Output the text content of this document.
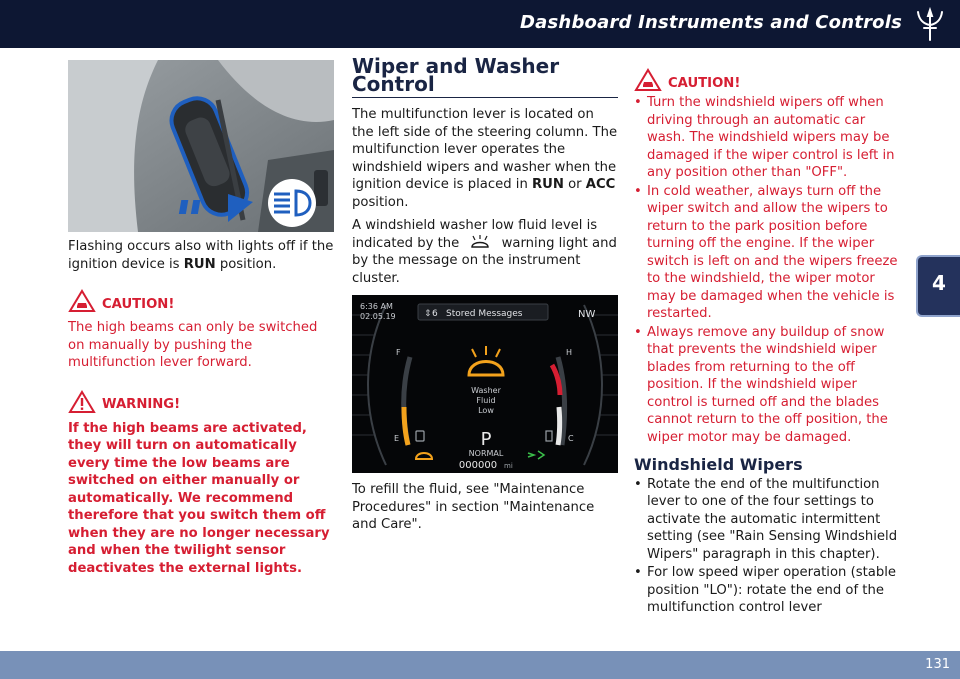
Dashboard Instruments and Controls
4

Flashing occurs also with lights off if the ignition device is RUN position.

CAUTION!

The high beams can only be switched on manually by pushing the multifunction lever forward.

WARNING!

If the high beams are activated, they will turn on automatically every time the low beams are switched on either manually or automatically. We recommend therefore that you switch them off when they are no longer necessary and when the twilight sensor deactivates the external lights.

Wiper and Washer Control

The multifunction lever is located on the left side of the steering column. The multifunction lever operates the windshield wipers and washer when the ignition device is placed in RUN or ACC position.

A windshield washer low fluid level is indicated by the	warning light and by the message on the instrument cluster.

6:36 AM
02.05.19	⇕ 6 Stored Messages	NW
F
E
H
C
Washer
Fluid
Low
P
NORMAL
000000 mi

To refill the fluid, see "Maintenance Procedures" in section "Maintenance and Care".

CAUTION!
• Turn the windshield wipers off when driving through an automatic car wash. The windshield wipers may be damaged if the wiper control is left in any position other than "OFF".
• In cold weather, always turn off the wiper switch and allow the wipers to return to the park position before turning off the engine. If the wiper switch is left on and the wipers freeze to the windshield, the wiper motor may be damaged when the vehicle is restarted.
• Always remove any buildup of snow that prevents the windshield wiper blades from returning to the off position. If the windshield wiper control is turned off and the blades cannot return to the off position, the wiper motor may be damaged.
Windshield Wipers
• Rotate the end of the multifunction lever to one of the four settings to activate the automatic intermittent setting (see "Rain Sensing Windshield Wipers" paragraph in this chapter).
• For low speed wiper operation (stable position "LO"): rotate the end of the multifunction control lever
131
